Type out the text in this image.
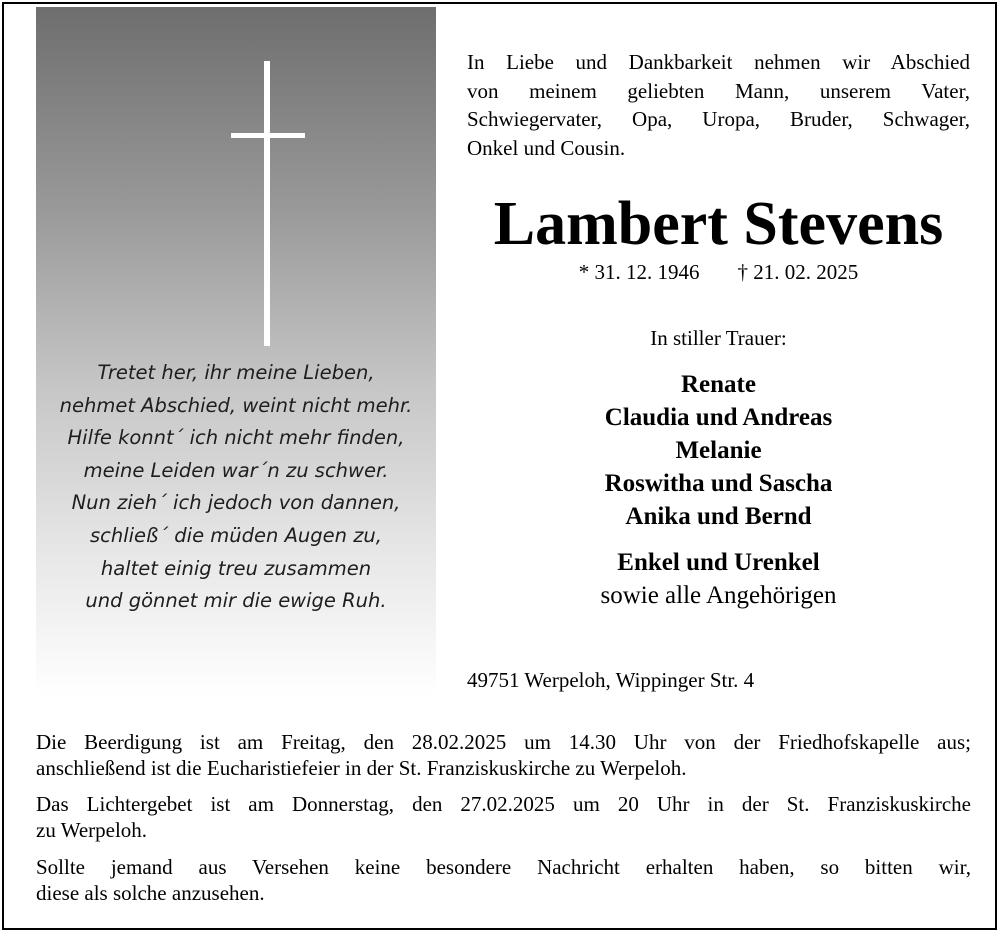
Tretet her, ihr meine Lieben,
nehmet Abschied, weint nicht mehr.
Hilfe konnt´ ich nicht mehr finden,
meine Leiden war´n zu schwer.
Nun zieh´ ich jedoch von dannen,
schließ´ die müden Augen zu,
haltet einig treu zusammen
und gönnet mir die ewige Ruh.
In Liebe und Dankbarkeit nehmen wir Abschied
von meinem geliebten Mann, unserem Vater,
Schwiegervater, Opa, Uropa, Bruder, Schwager,
Onkel und Cousin.
Lambert Stevens
* 31. 12. 1946 † 21. 02. 2025
In stiller Trauer:
Renate
Claudia und Andreas
Melanie
Roswitha und Sascha
Anika und Bernd
Enkel und Urenkel
sowie alle Angehörigen
49751 Werpeloh, Wippinger Str. 4
Die Beerdigung ist am Freitag, den 28.02.2025 um 14.30 Uhr von der Friedhofskapelle aus;
anschließend ist die Eucharistiefeier in der St. Franziskuskirche zu Werpeloh.
Das Lichtergebet ist am Donnerstag, den 27.02.2025 um 20 Uhr in der St. Franziskuskirche
zu Werpeloh.
Sollte jemand aus Versehen keine besondere Nachricht erhalten haben, so bitten wir,
diese als solche anzusehen.
